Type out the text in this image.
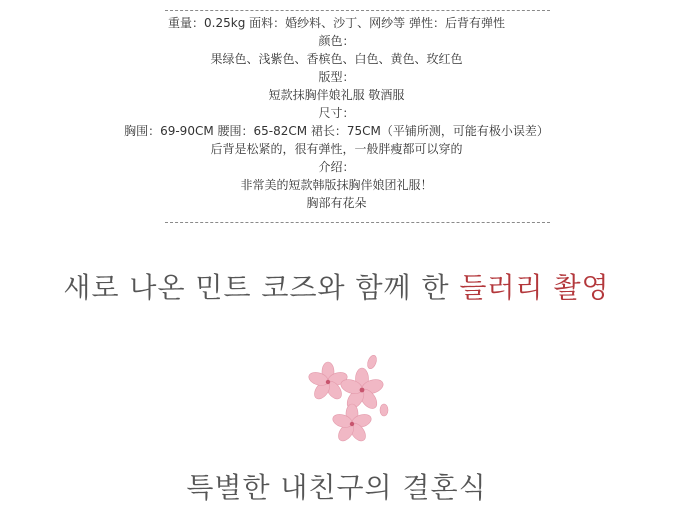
重量：0.25kg 面料：婚纱料、沙丁、网纱等 弹性：后背有弹性
颜色：
果绿色、浅紫色、香槟色、白色、黄色、玫红色
版型：
短款抹胸伴娘礼服 敬酒服
尺寸：
胸围：69-90CM 腰围：65-82CM 裙长：75CM（平铺所测，可能有极小误差）
后背是松紧的，很有弹性，一般胖瘦都可以穿的
介绍：
非常美的短款韩版抹胸伴娘团礼服！
胸部有花朵
새로 나온 민트 코즈와 함께 한 들러리 촬영
특별한 내친구의 결혼식
